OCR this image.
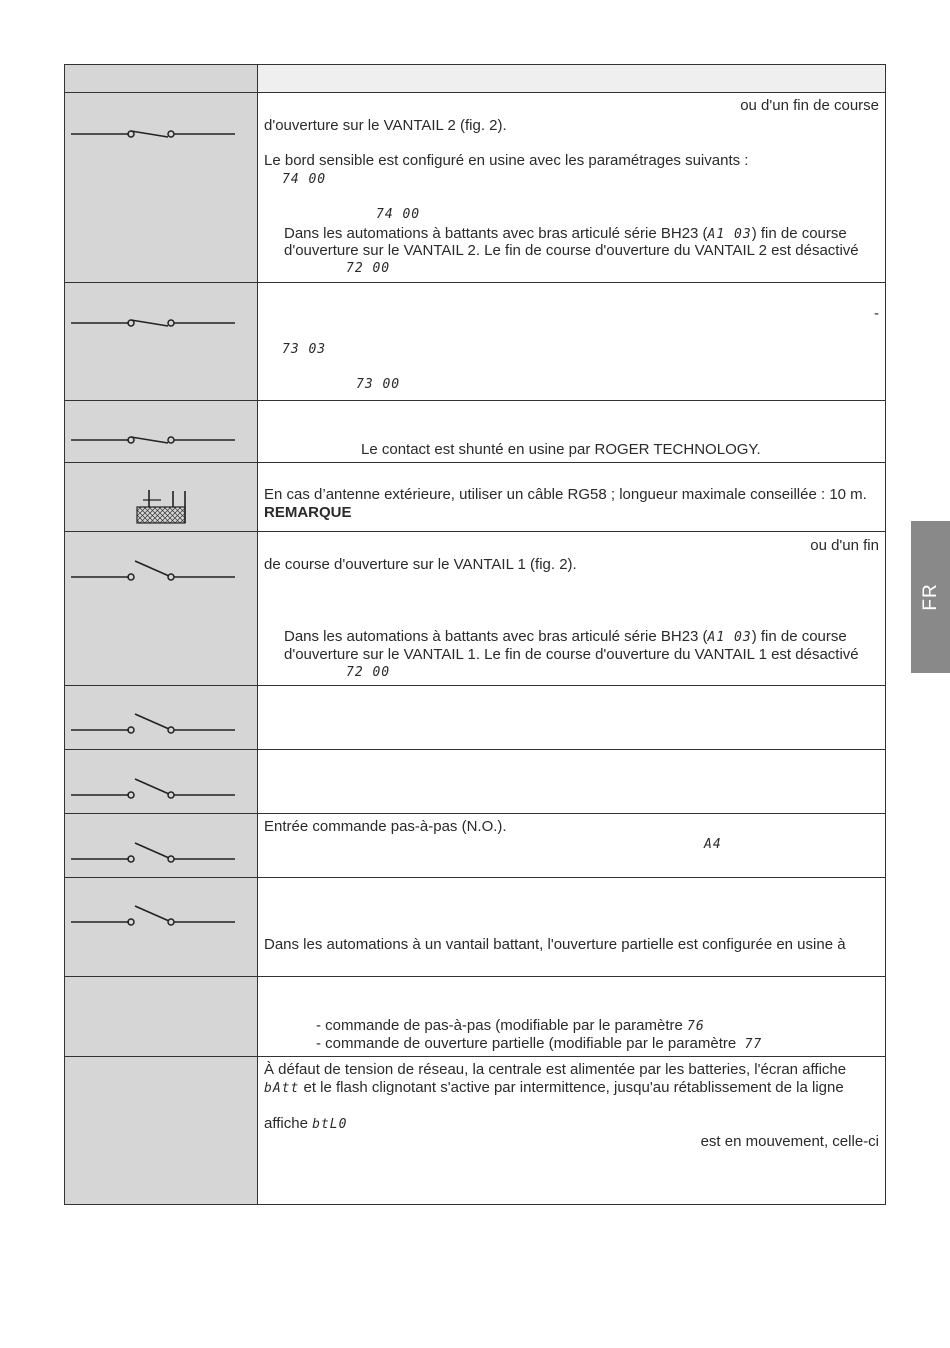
ou d'un fin de course
d'ouverture sur le VANTAIL 2 (fig. 2).
Le bord sensible est configuré en usine avec les paramétrages suivants :
74 00
74 00
Dans les automations à battants avec bras articulé série BH23 (A1 03) fin de course
d'ouverture sur le VANTAIL 2. Le fin de course d'ouverture du VANTAIL 2 est désactivé
72 00
-
73 03
73 00
Le contact est shunté en usine par ROGER TECHNOLOGY.
En cas d’antenne extérieure, utiliser un câble RG58 ; longueur maximale conseillée : 10 m.
REMARQUE
ou d'un fin
de course d'ouverture sur le VANTAIL 1 (fig. 2).
Dans les automations à battants avec bras articulé série BH23 (A1 03) fin de course
d'ouverture sur le VANTAIL 1. Le fin de course d'ouverture du VANTAIL 1 est désactivé
72 00
Entrée commande pas-à-pas (N.O.).
A4
Dans les automations à un vantail battant, l'ouverture partielle est configurée en usine à
- commande de pas-à-pas (modifiable par le paramètre 76
- commande de ouverture partielle (modifiable par le paramètre 77
À défaut de tension de réseau, la centrale est alimentée par les batteries, l'écran affiche
bAtt et le flash clignotant s'active par intermittence, jusqu'au rétablissement de la ligne
affiche btL0
est en mouvement, celle-ci
FR
